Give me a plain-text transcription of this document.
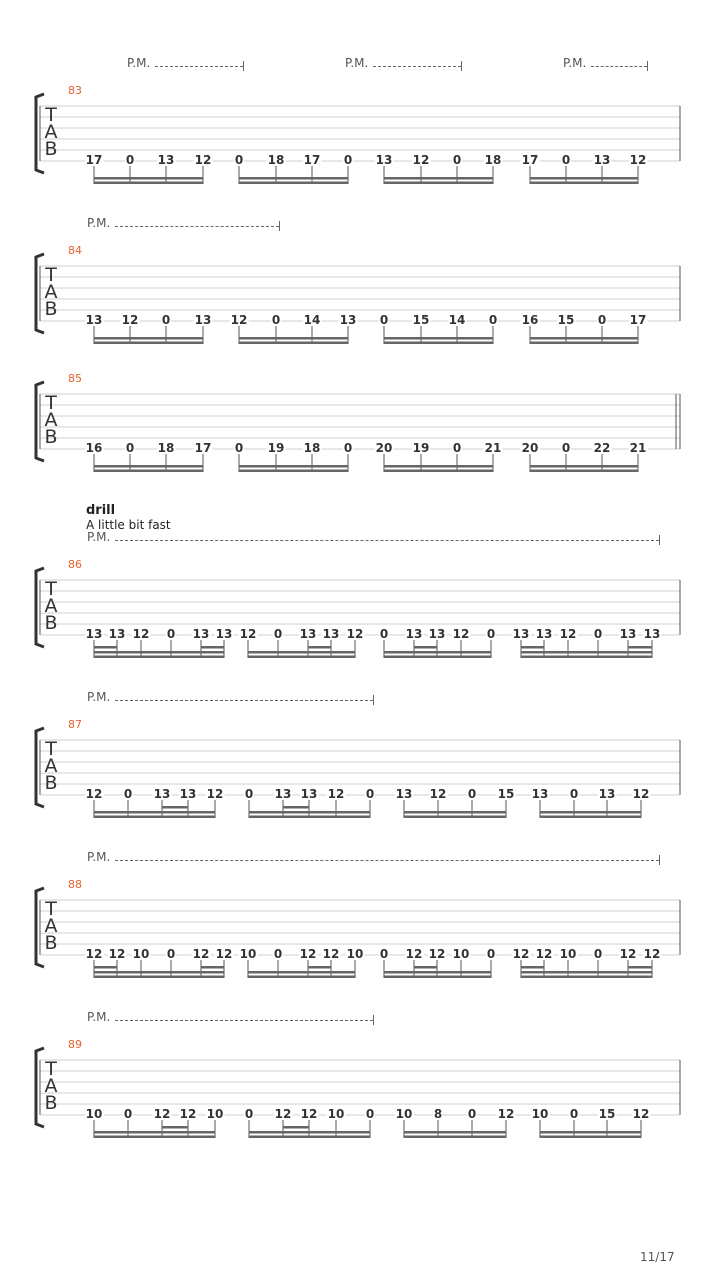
drill
A little bit fast
11/17
P.M.	P.M.	P.M.
83
T
A
B 17 0 13 12 0 18 17 0 13 12 0 18 17 0 13 12
P.M.
84
T
A
B 13 12 0 13 12 0 14 13 0 15 14 0 16 15 0 17
85
T
A
B 16 0 18 17 0 19 18 0 20 19 0 21 20 0 22 21
P.M.
86
T
A
B 13 13 12 0 13 13 12 0 13 13 12 0 13 13 12 0 13 13 12 0 13 13
P.M.
87
T
A
B 12 0 13 13 12 0 13 13 12 0 13 12 0 15 13 0 13 12
P.M.
88
T
A
B 12 12 10 0 12 12 10 0 12 12 10 0 12 12 10 0 12 12 10 0 12 12
P.M.
89
T
A
B 10 0 12 12 10 0 12 12 10 0 10 8 0 12 10 0 15 12
